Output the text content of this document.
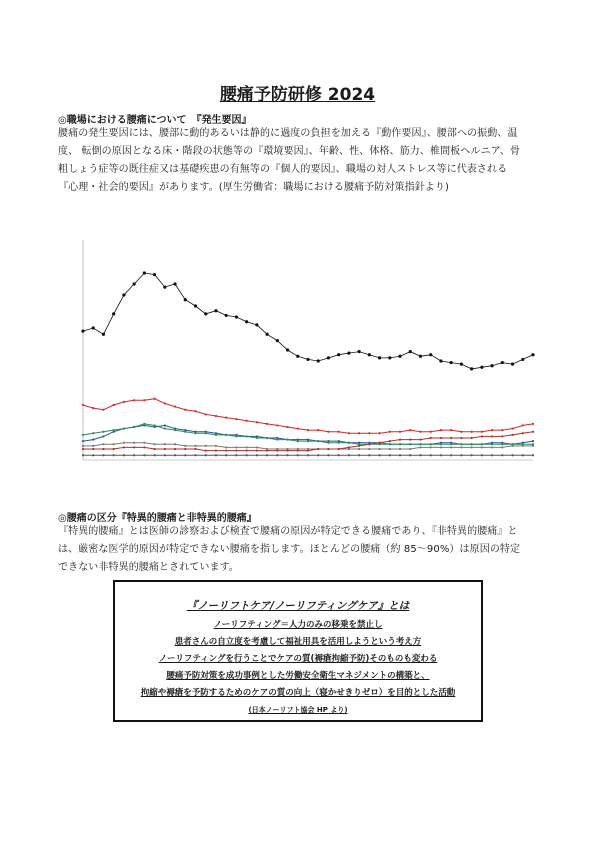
腰痛予防研修 2024
◎職場における腰痛について　『発生要因』
腰痛の発生要因には、腰部に動的あるいは静的に過度の負担を加える『動作要因』、腰部への振動、温
度、 転倒の原因となる床・階段の状態等の『環境要因』、年齢、性、体格、筋力、椎間板ヘルニア、骨
粗しょう症等の既往症又は基礎疾患の有無等の『個人的要因』、職場の対人ストレス等に代表される
『心理・社会的要因』があります。(厚生労働省：職場における腰痛予防対策指針より)
◎腰痛の区分『特異的腰痛と非特異的腰痛』
『特異的腰痛』とは医師の診察および検査で腰痛の原因が特定できる腰痛であり、『非特異的腰痛』と
は、厳密な医学的原因が特定できない腰痛を指します。ほとんどの腰痛（約 85～90%）は原因の特定
できない非特異的腰痛とされています。
『ノーリフトケア/ノーリフティングケア』とは
ノーリフティング＝人力のみの移乗を禁止し
患者さんの自立度を考慮して福祉用具を活用しようという考え方
ノーリフティングを行うことでケアの質(褥瘡拘縮予防)そのものも変わる
腰痛予防対策を成功事例とした労働安全衛生マネジメントの構築と、
拘縮や褥瘡を予防するためのケアの質の向上（寝かせきりゼロ）を目的とした活動
(日本ノーリフト協会 HP より)
